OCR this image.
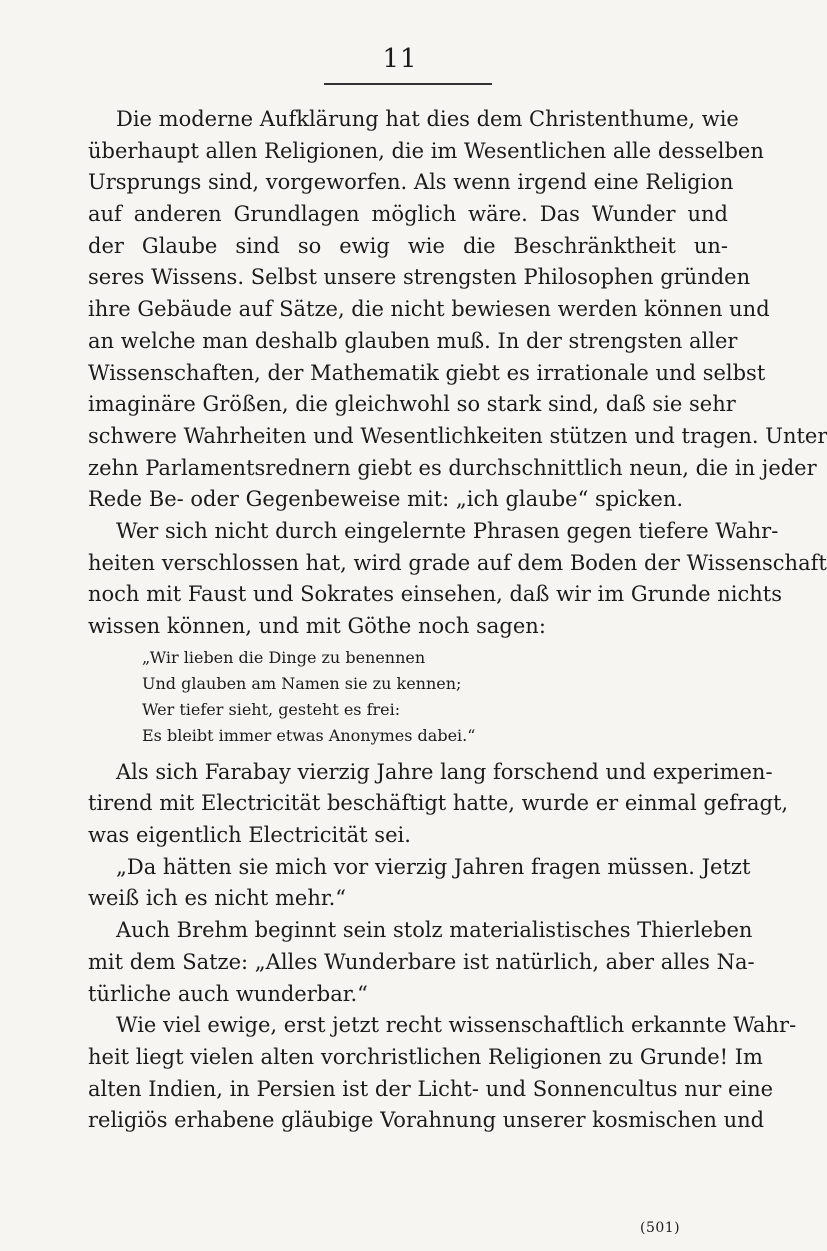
11
Die moderne Aufklärung hat dies dem Christenthume, wie
überhaupt allen Religionen, die im Wesentlichen alle desselben
Ursprungs sind, vorgeworfen. Als wenn irgend eine Religion
auf anderen Grundlagen möglich wäre. Das Wunder und
der Glaube sind so ewig wie die Beschränktheit un-
seres Wissens. Selbst unsere strengsten Philosophen gründen
ihre Gebäude auf Sätze, die nicht bewiesen werden können und
an welche man deshalb glauben muß. In der strengsten aller
Wissenschaften, der Mathematik giebt es irrationale und selbst
imaginäre Größen, die gleichwohl so stark sind, daß sie sehr
schwere Wahrheiten und Wesentlichkeiten stützen und tragen. Unter
zehn Parlamentsrednern giebt es durchschnittlich neun, die in jeder
Rede Be- oder Gegenbeweise mit: „ich glaube“ spicken.
Wer sich nicht durch eingelernte Phrasen gegen tiefere Wahr-
heiten verschlossen hat, wird grade auf dem Boden der Wissenschaft
noch mit Faust und Sokrates einsehen, daß wir im Grunde nichts
wissen können, und mit Göthe noch sagen:
„Wir lieben die Dinge zu benennen
Und glauben am Namen sie zu kennen;
Wer tiefer sieht, gesteht es frei:
Es bleibt immer etwas Anonymes dabei.“
Als sich Farabay vierzig Jahre lang forschend und experimen-
tirend mit Electricität beschäftigt hatte, wurde er einmal gefragt,
was eigentlich Electricität sei.
„Da hätten sie mich vor vierzig Jahren fragen müssen. Jetzt
weiß ich es nicht mehr.“
Auch Brehm beginnt sein stolz materialistisches Thierleben
mit dem Satze: „Alles Wunderbare ist natürlich, aber alles Na-
türliche auch wunderbar.“
Wie viel ewige, erst jetzt recht wissenschaftlich erkannte Wahr-
heit liegt vielen alten vorchristlichen Religionen zu Grunde! Im
alten Indien, in Persien ist der Licht- und Sonnencultus nur eine
religiös erhabene gläubige Vorahnung unserer kosmischen und
(501)
